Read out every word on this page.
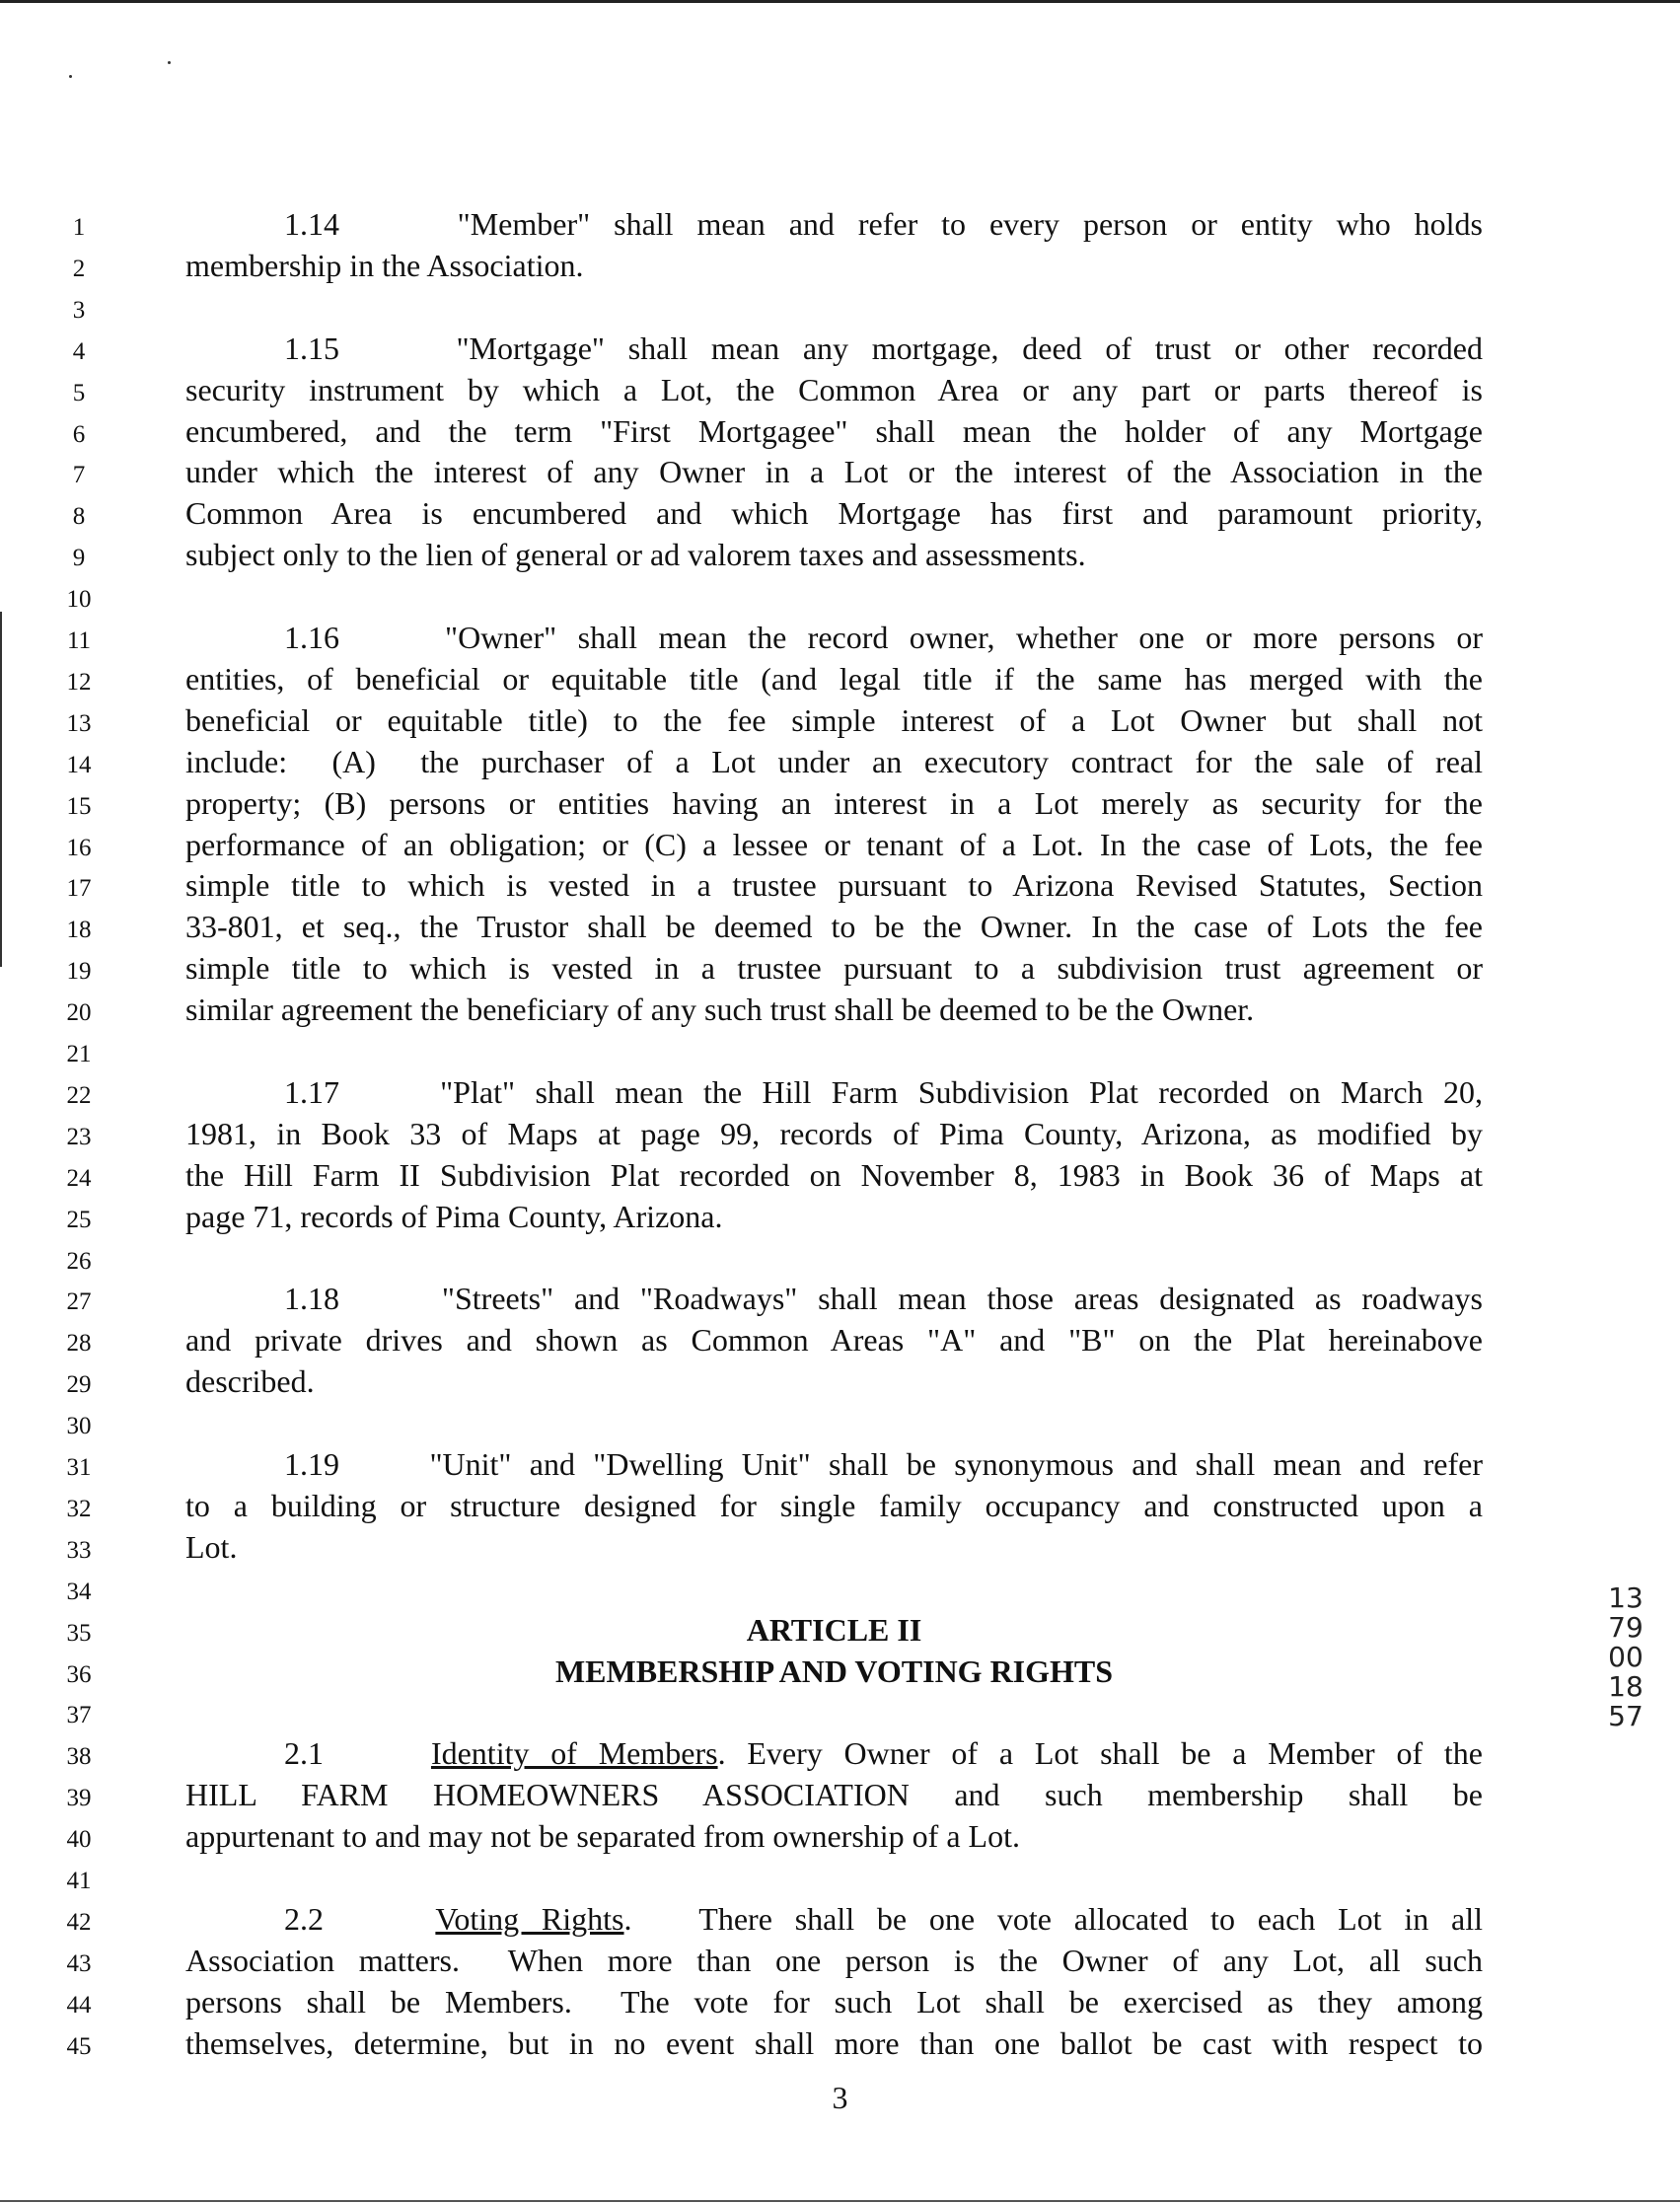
1	1.14     "Member" shall mean and refer to every person or entity who holds
2	membership in the Association.
3
4	1.15     "Mortgage" shall mean any mortgage, deed of trust or other recorded
5	security instrument by which a Lot, the Common Area or any part or parts thereof is
6	encumbered, and the term "First Mortgagee" shall mean the holder of any Mortgage
7	under which the interest of any Owner in a Lot or the interest of the Association in the
8	Common Area is encumbered and which Mortgage has first and paramount priority,
9	subject only to the lien of general or ad valorem taxes and assessments.
10
11	1.16     "Owner" shall mean the record owner, whether one or more persons or
12	entities, of beneficial or equitable title (and legal title if the same has merged with the
13	beneficial or equitable title) to the fee simple interest of a Lot Owner but shall not
14	include:  (A)  the purchaser of a Lot under an executory contract for the sale of real
15	property; (B) persons or entities having an interest in a Lot merely as security for the
16	performance of an obligation; or (C) a lessee or tenant of a Lot. In the case of Lots, the fee
17	simple title to which is vested in a trustee pursuant to Arizona Revised Statutes, Section
18	33-801, et seq., the Trustor shall be deemed to be the Owner. In the case of Lots the fee
19	simple title to which is vested in a trustee pursuant to a subdivision trust agreement or
20	similar agreement the beneficiary of any such trust shall be deemed to be the Owner.
21
22	1.17     "Plat" shall mean the Hill Farm Subdivision Plat recorded on March 20,
23	1981, in Book 33 of Maps at page 99, records of Pima County, Arizona, as modified by
24	the Hill Farm II Subdivision Plat recorded on November 8, 1983 in Book 36 of Maps at
25	page 71, records of Pima County, Arizona.
26
27	1.18     "Streets" and "Roadways" shall mean those areas designated as roadways
28	and private drives and shown as Common Areas "A" and "B" on the Plat hereinabove
29	described.
30
31	1.19     "Unit" and "Dwelling Unit" shall be synonymous and shall mean and refer
32	to a building or structure designed for single family occupancy and constructed upon a
33	Lot.
34
35	ARTICLE II
36	MEMBERSHIP AND VOTING RIGHTS
37
38	2.1     Identity of Members. Every Owner of a Lot shall be a Member of the
39	HILL FARM HOMEOWNERS ASSOCIATION and such membership shall be
40	appurtenant to and may not be separated from ownership of a Lot.
41
42	2.2     Voting Rights.   There shall be one vote allocated to each Lot in all
43	Association matters.  When more than one person is the Owner of any Lot, all such
44	persons shall be Members.  The vote for such Lot shall be exercised as they among
45	themselves, determine, but in no event shall more than one ballot be cast with respect to
1379001857
3
